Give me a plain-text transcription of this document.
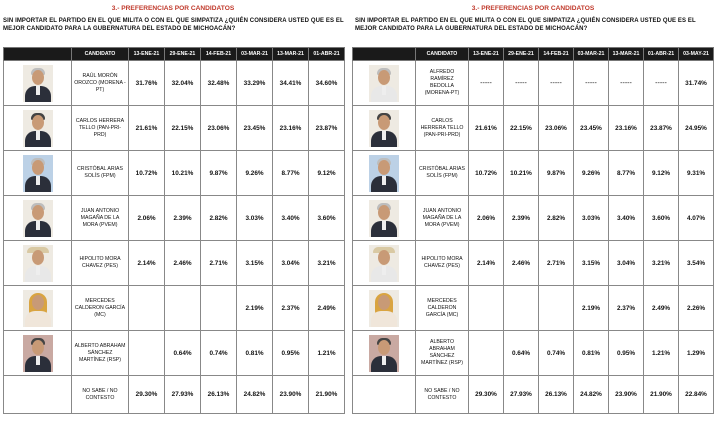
3.- PREFERENCIAS POR CANDIDATOS
SIN IMPORTAR EL PARTIDO EN EL QUE MILITA O CON EL QUE SIMPATIZA ¿QUIÉN CONSIDERA USTED QUE ES EL
MEJOR CANDIDATO PARA LA GUBERNATURA DEL ESTADO DE MICHOACÁN?
	CANDIDATO	13-ENE-21	29-ENE-21	14-FEB-21	03-MAR-21	13-MAR-21	01-ABR-21

	RAÚL MORÓN OROZCO (MORENA -PT)	31.76%	32.04%	32.48%	33.29%	34.41%	34.60%

	CARLOS HERRERA TELLO (PAN-PRI-PRD)	21.61%	22.15%	23.06%	23.45%	23.16%	23.87%

	CRISTÓBAL ARIAS SOLÍS (FPM)	10.72%	10.21%	9.87%	9.26%	8.77%	9.12%

	JUAN ANTONIO MAGAÑA DE LA MORA (PVEM)	2.06%	2.39%	2.82%	3.03%	3.40%	3.60%

	HIPOLITO MORA CHAVEZ (PES)	2.14%	2.46%	2.71%	3.15%	3.04%	3.21%

	MERCEDES CALDERON GARCÍA (MC)				2.19%	2.37%	2.49%

	ALBERTO ABRAHAM SÁNCHEZ MARTÍNEZ (RSP)		0.64%	0.74%	0.81%	0.95%	1.21%
	NO SABE / NO CONTESTO	29.30%	27.93%	26.13%	24.82%	23.90%	21.90%
3.- PREFERENCIAS POR CANDIDATOS
SIN IMPORTAR EL PARTIDO EN EL QUE MILITA O CON EL QUE SIMPATIZA ¿QUIÉN CONSIDERA USTED QUE ES EL
MEJOR CANDIDATO PARA LA GUBERNATURA DEL ESTADO DE MICHOACÁN?
	CANDIDATO	13-ENE-21	29-ENE-21	14-FEB-21	03-MAR-21	13-MAR-21	01-ABR-21	03-MAY-21

	ALFREDO RAMÍREZ BEDOLLA (MORENA-PT)	-----	-----	-----	-----	-----	-----	31.74%

	CARLOS HERRERA TELLO (PAN-PRI-PRD)	21.61%	22.15%	23.06%	23.45%	23.16%	23.87%	24.95%

	CRISTÓBAL ARIAS SOLÍS (FPM)	10.72%	10.21%	9.87%	9.26%	8.77%	9.12%	9.31%

	JUAN ANTONIO MAGAÑA DE LA MORA (PVEM)	2.06%	2.39%	2.82%	3.03%	3.40%	3.60%	4.07%

	HIPOLITO MORA CHAVEZ (PES)	2.14%	2.46%	2.71%	3.15%	3.04%	3.21%	3.54%

	MERCEDES CALDERON GARCÍA (MC)				2.19%	2.37%	2.49%	2.26%

	ALBERTO ABRAHAM SÁNCHEZ MARTÍNEZ (RSP)		0.64%	0.74%	0.81%	0.95%	1.21%	1.29%
	NO SABE / NO CONTESTO	29.30%	27.93%	26.13%	24.82%	23.90%	21.90%	22.84%
